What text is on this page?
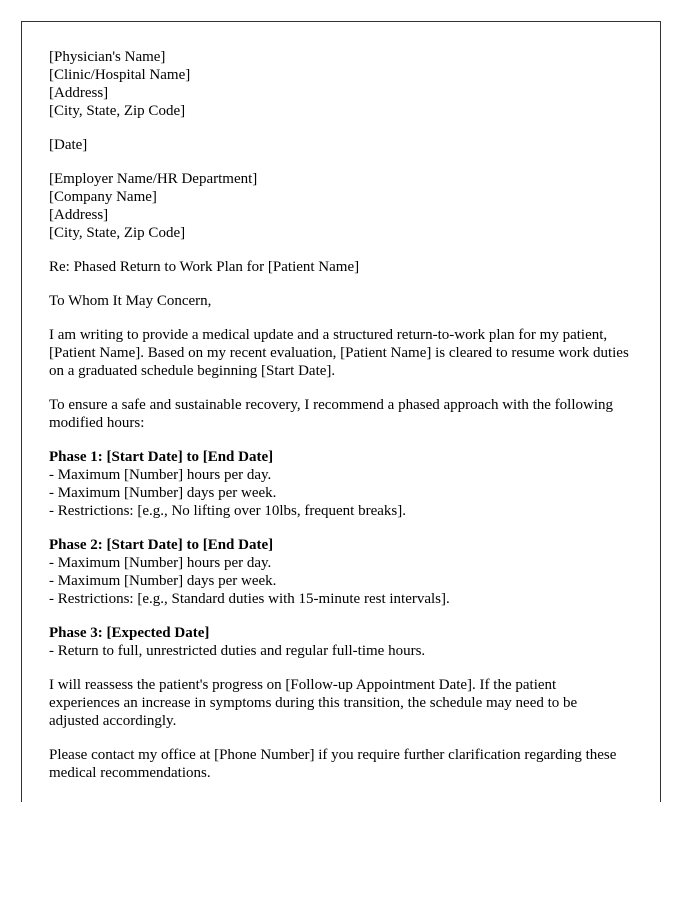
[Physician's Name]
[Clinic/Hospital Name]
[Address]
[City, State, Zip Code]
[Date]
[Employer Name/HR Department]
[Company Name]
[Address]
[City, State, Zip Code]

Re: Phased Return to Work Plan for [Patient Name]

To Whom It May Concern,

I am writing to provide a medical update and a structured return-to-work plan for my patient, [Patient Name]. Based on my recent evaluation, [Patient Name] is cleared to resume work duties on a graduated schedule beginning [Start Date].

To ensure a safe and sustainable recovery, I recommend a phased approach with the following modified hours:

Phase 1: [Start Date] to [End Date]
- Maximum [Number] hours per day.
- Maximum [Number] days per week.
- Restrictions: [e.g., No lifting over 10lbs, frequent breaks].
Phase 2: [Start Date] to [End Date]
- Maximum [Number] hours per day.
- Maximum [Number] days per week.
- Restrictions: [e.g., Standard duties with 15-minute rest intervals].
Phase 3: [Expected Date]
- Return to full, unrestricted duties and regular full-time hours.

I will reassess the patient's progress on [Follow-up Appointment Date]. If the patient experiences an increase in symptoms during this transition, the schedule may need to be adjusted accordingly.

Please contact my office at [Phone Number] if you require further clarification regarding these medical recommendations.
